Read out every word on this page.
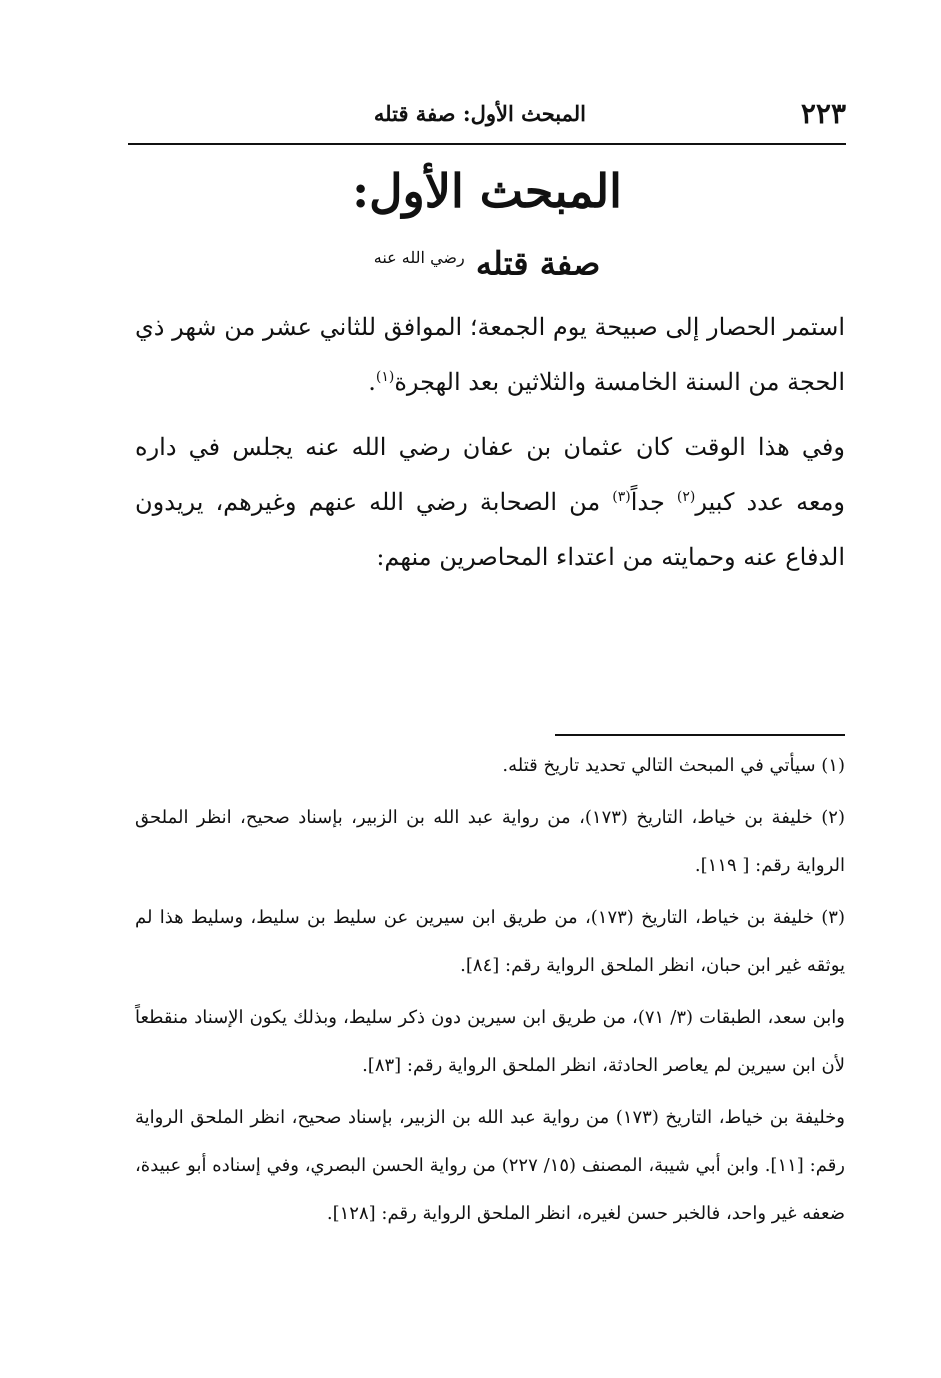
٢٢٣
المبحث الأول: صفة قتله
المبحث الأول:
صفة قتله $^{رضي الله عنه}$

استمر الحصار إلى صبيحة يوم الجمعة؛ الموافق للثاني عشر من شهر ذي الحجة من السنة الخامسة والثلاثين بعد الهجرة$^{(١)}$.

وفي هذا الوقت كان عثمان بن عفان رضي الله عنه يجلس في داره ومعه عدد كبير$^{(٢)}$ جداً$^{(٣)}$ من الصحابة رضي الله عنهم وغيرهم، يريدون الدفاع عنه وحمايته من اعتداء المحاصرين منهم:

(١) سيأتي في المبحث التالي تحديد تاريخ قتله.

(٢) خليفة بن خياط، التاريخ (١٧٣)، من رواية عبد الله بن الزبير، بإسناد صحيح، انظر الملحق الرواية رقم: [ ١١٩].

(٣) خليفة بن خياط، التاريخ (١٧٣)، من طريق ابن سيرين عن سليط بن سليط، وسليط هذا لم يوثقه غير ابن حبان، انظر الملحق الرواية رقم: [٨٤].

وابن سعد، الطبقات (٣/ ٧١)، من طريق ابن سيرين دون ذكر سليط، وبذلك يكون الإسناد منقطعاً لأن ابن سيرين لم يعاصر الحادثة، انظر الملحق الرواية رقم: [٨٣].

وخليفة بن خياط، التاريخ (١٧٣) من رواية عبد الله بن الزبير، بإسناد صحيح، انظر الملحق الرواية رقم: [١١]. وابن أبي شيبة، المصنف (١٥/ ٢٢٧) من رواية الحسن البصري، وفي إسناده أبو عبيدة، ضعفه غير واحد، فالخبر حسن لغيره، انظر الملحق الرواية رقم: [١٢٨].
